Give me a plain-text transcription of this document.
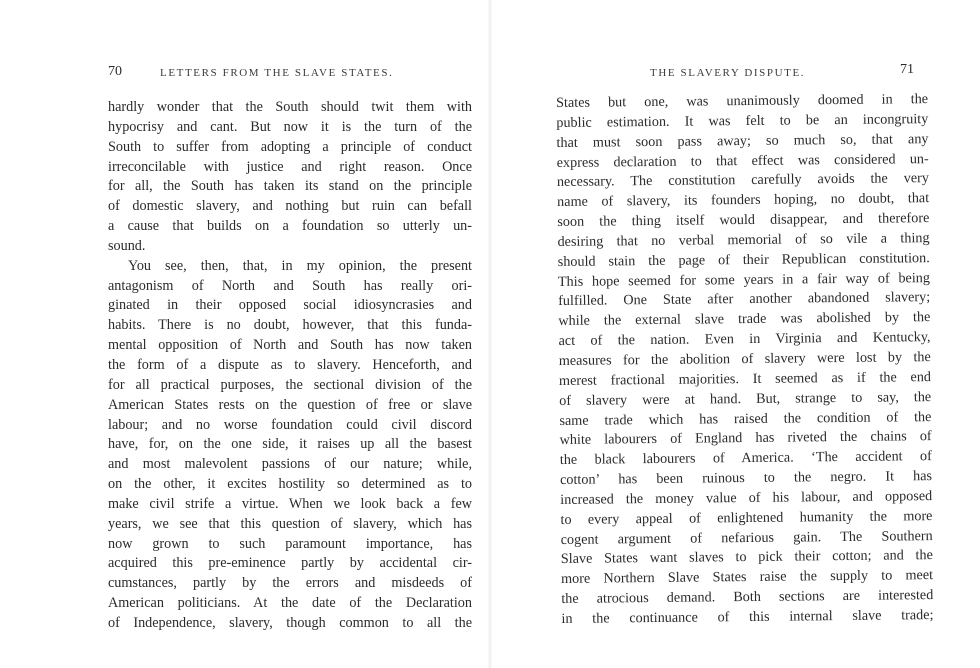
70	LETTERS FROM THE SLAVE STATES.
hardly wonder that the South should twit them with
hypocrisy and cant. But now it is the turn of the
South to suffer from adopting a principle of conduct
irreconcilable with justice and right reason. Once
for all, the South has taken its stand on the principle
of domestic slavery, and nothing but ruin can befall
a cause that builds on a foundation so utterly un-
sound.
You see, then, that, in my opinion, the present
antagonism of North and South has really ori-
ginated in their opposed social idiosyncrasies and
habits. There is no doubt, however, that this funda-
mental opposition of North and South has now taken
the form of a dispute as to slavery. Henceforth, and
for all practical purposes, the sectional division of the
American States rests on the question of free or slave
labour; and no worse foundation could civil discord
have, for, on the one side, it raises up all the basest
and most malevolent passions of our nature; while,
on the other, it excites hostility so determined as to
make civil strife a virtue. When we look back a few
years, we see that this question of slavery, which has
now grown to such paramount importance, has
acquired this pre-eminence partly by accidental cir-
cumstances, partly by the errors and misdeeds of
American politicians. At the date of the Declaration
of Independence, slavery, though common to all the
THE SLAVERY DISPUTE.	71
States but one, was unanimously doomed in the
public estimation. It was felt to be an incongruity
that must soon pass away; so much so, that any
express declaration to that effect was considered un-
necessary. The constitution carefully avoids the very
name of slavery, its founders hoping, no doubt, that
soon the thing itself would disappear, and therefore
desiring that no verbal memorial of so vile a thing
should stain the page of their Republican constitution.
This hope seemed for some years in a fair way of being
fulfilled. One State after another abandoned slavery;
while the external slave trade was abolished by the
act of the nation. Even in Virginia and Kentucky,
measures for the abolition of slavery were lost by the
merest fractional majorities. It seemed as if the end
of slavery were at hand. But, strange to say, the
same trade which has raised the condition of the
white labourers of England has riveted the chains of
the black labourers of America. ‘The accident of
cotton’ has been ruinous to the negro. It has
increased the money value of his labour, and opposed
to every appeal of enlightened humanity the more
cogent argument of nefarious gain. The Southern
Slave States want slaves to pick their cotton; and the
more Northern Slave States raise the supply to meet
the atrocious demand. Both sections are interested
in the continuance of this internal slave trade;
